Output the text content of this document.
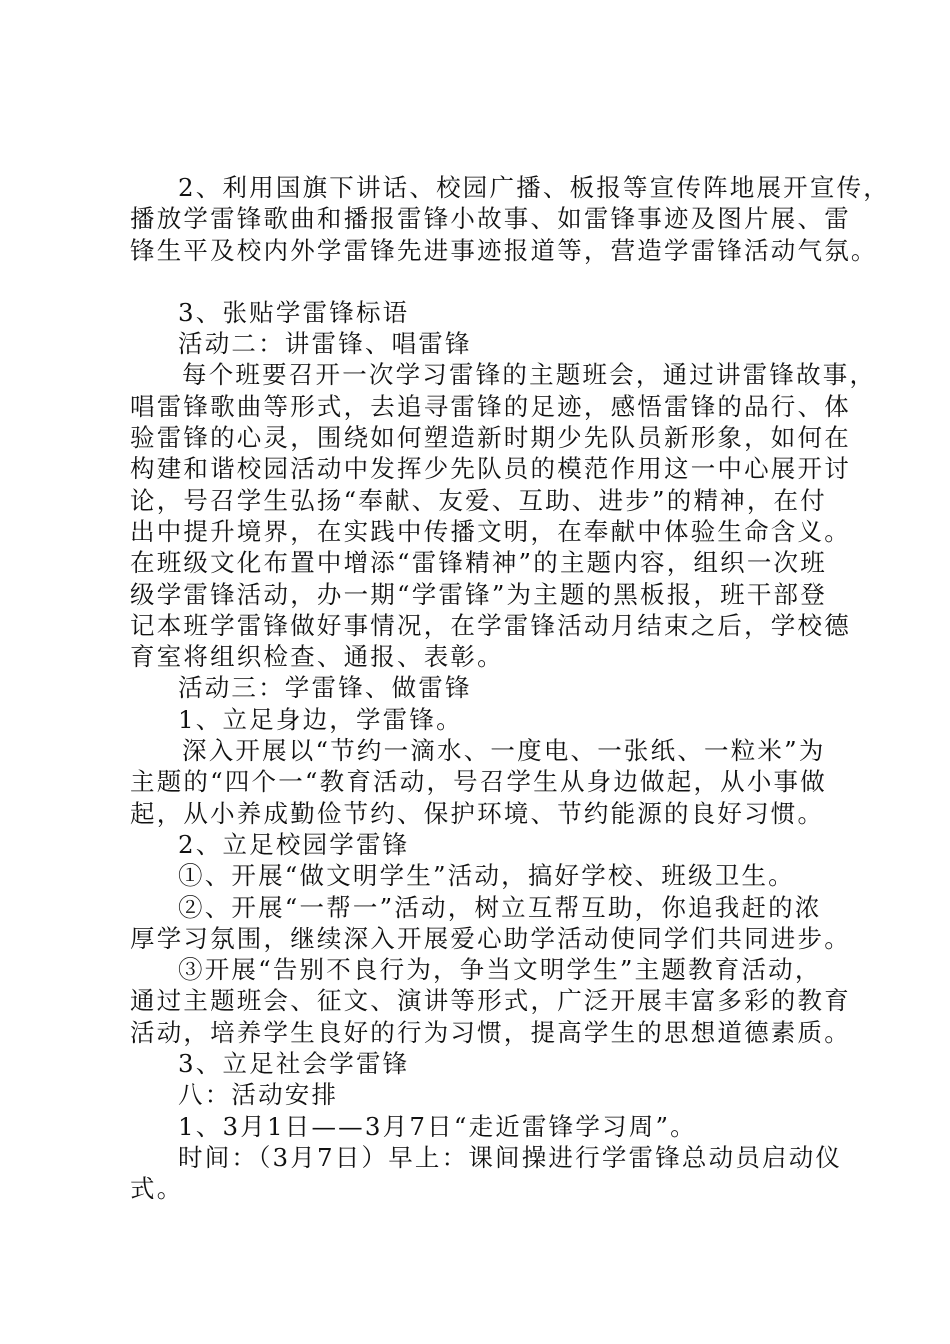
2、利用国旗下讲话、校园广播、板报等宣传阵地展开宣传，

播放学雷锋歌曲和播报雷锋小故事、如雷锋事迹及图片展、雷

锋生平及校内外学雷锋先进事迹报道等，营造学雷锋活动气氛。

3、张贴学雷锋标语

活动二：讲雷锋、唱雷锋

每个班要召开一次学习雷锋的主题班会，通过讲雷锋故事，

唱雷锋歌曲等形式，去追寻雷锋的足迹，感悟雷锋的品行、体

验雷锋的心灵，围绕如何塑造新时期少先队员新形象，如何在

构建和谐校园活动中发挥少先队员的模范作用这一中心展开讨

论，号召学生弘扬“奉献、友爱、互助、进步”的精神，在付

出中提升境界，在实践中传播文明，在奉献中体验生命含义。

在班级文化布置中增添“雷锋精神”的主题内容，组织一次班

级学雷锋活动，办一期“学雷锋”为主题的黑板报，班干部登

记本班学雷锋做好事情况，在学雷锋活动月结束之后，学校德

育室将组织检查、通报、表彰。

活动三：学雷锋、做雷锋

1、立足身边，学雷锋。

深入开展以“节约一滴水、一度电、一张纸、一粒米”为

主题的“四个一“教育活动，号召学生从身边做起，从小事做

起，从小养成勤俭节约、保护环境、节约能源的良好习惯。

2、立足校园学雷锋

①、开展“做文明学生”活动，搞好学校、班级卫生。

②、开展“一帮一”活动，树立互帮互助，你追我赶的浓

厚学习氛围，继续深入开展爱心助学活动使同学们共同进步。

③开展“告别不良行为，争当文明学生”主题教育活动，

通过主题班会、征文、演讲等形式，广泛开展丰富多彩的教育

活动，培养学生良好的行为习惯，提高学生的思想道德素质。

3、立足社会学雷锋

八：活动安排

1、3月1日——3月7日“走近雷锋学习周”。

时间：（3月7日）早上：课间操进行学雷锋总动员启动仪

式。
